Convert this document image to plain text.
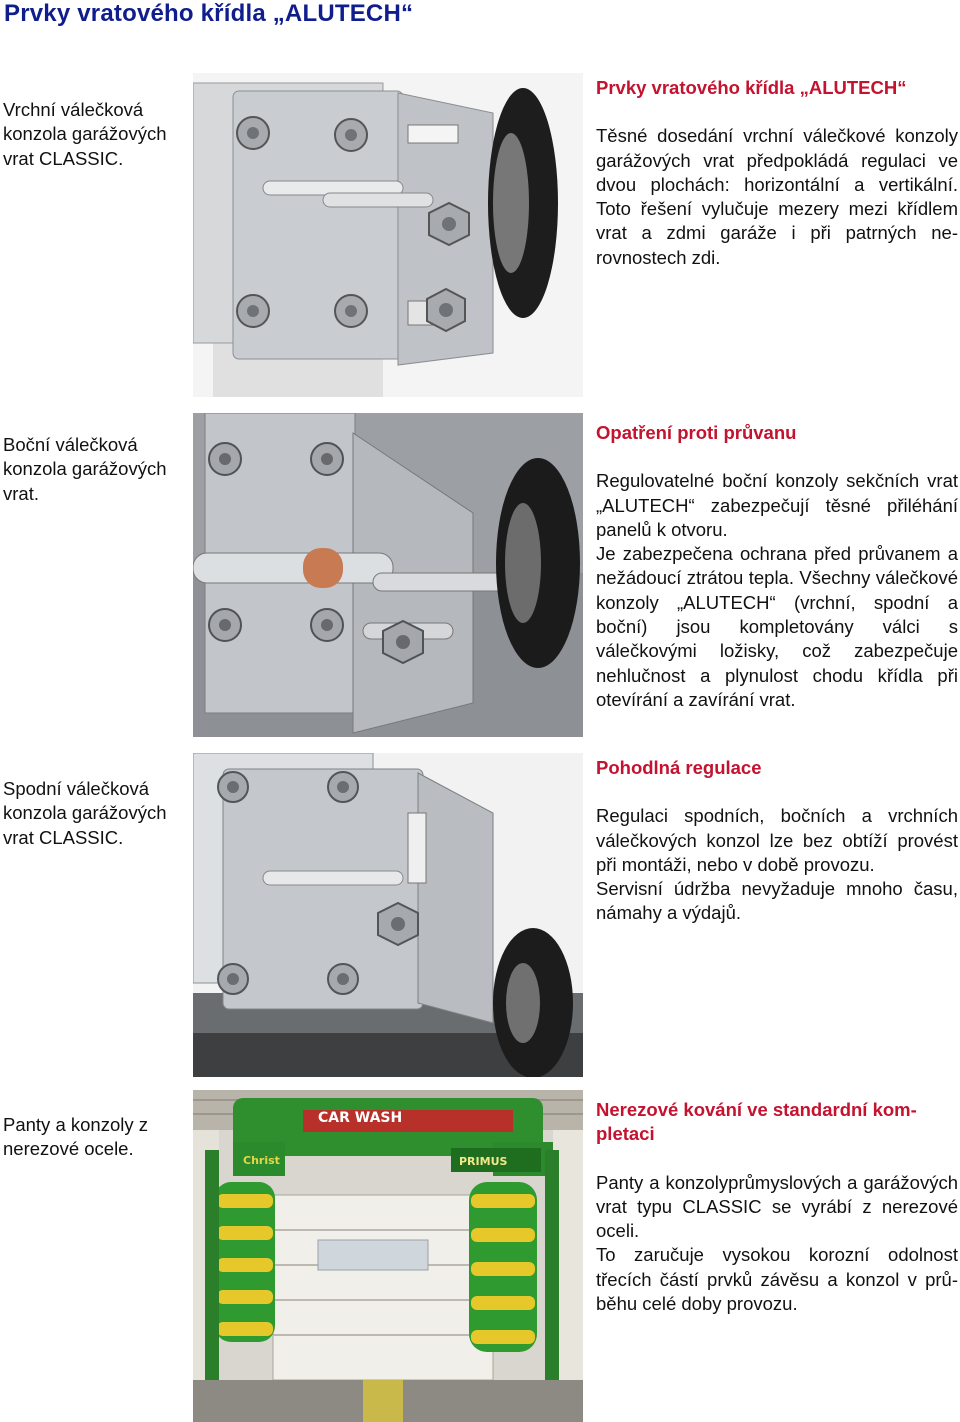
Prvky vratového křídla „ALUTECH“

Vrchní válečková konzola garážových vrat CLASSIC.

Prvky vratového křídla „ALUTECH“

Těsné dosedání vrchní válečkové konzoly garážových vrat předpokládá regulaci ve dvou plochách: horizontální a vertikální. Toto řešení vylučuje mezery mezi křídlem vrat a zdmi garáže i při patrných nerovnostech zdi.

Boční válečková konzola garážových vrat.

Opatření proti průvanu

Regulovatelné boční konzoly sekčních vrat „ALUTECH“ zabezpečují těsné přiléhání panelů k otvoru.

Je zabezpečena ochrana před průvanem a nežádoucí ztrátou tepla. Všechny válečkové konzoly „ALUTECH“ (vrchní, spodní a boční) jsou kompletovány válci s válečkovými ložisky, což zabezpečuje nehlučnost a plynulost chodu křídla při otevírání a zavírání vrat.

Spodní válečková konzola garážových vrat CLASSIC.

Pohodlná regulace

Regulaci spodních, bočních a vrchních válečkových konzol lze bez obtíží provést při montáži, nebo v době provozu.

Servisní údržba nevyžaduje mnoho času, námahy a výdajů.

Panty a konzoly z nerezové ocele.

CAR WASH
Christ	PRIMUS
Nerezové kování ve standardní kompletaci

Panty a konzolyprůmyslových a garážových vrat typu CLASSIC se vyrábí z nerezové oceli.

To zaručuje vysokou korozní odolnost třecích částí prvků závěsu a konzol v průběhu celé doby provozu.
